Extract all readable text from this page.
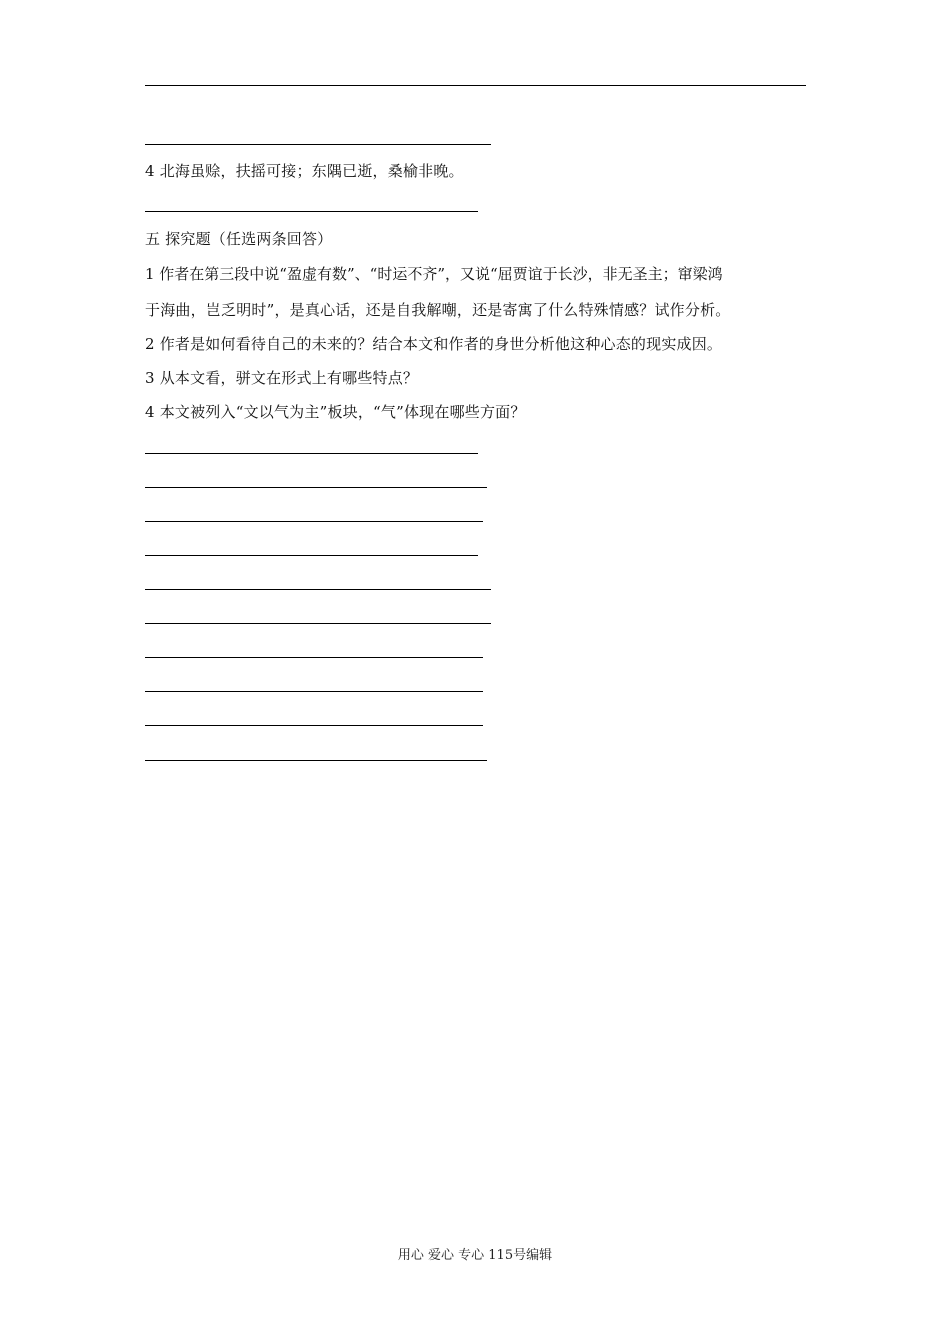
4 北海虽赊，扶摇可接；东隅已逝，桑榆非晚。
五 探究题（任选两条回答）
1 作者在第三段中说“盈虚有数”、“时运不齐”，又说“屈贾谊于长沙，非无圣主；窜梁鸿
于海曲，岂乏明时”，是真心话，还是自我解嘲，还是寄寓了什么特殊情感？试作分析。
2 作者是如何看待自己的未来的？结合本文和作者的身世分析他这种心态的现实成因。
3 从本文看，骈文在形式上有哪些特点？
4 本文被列入“文以气为主”板块，“气”体现在哪些方面？
用心 爱心 专心 115号编辑
